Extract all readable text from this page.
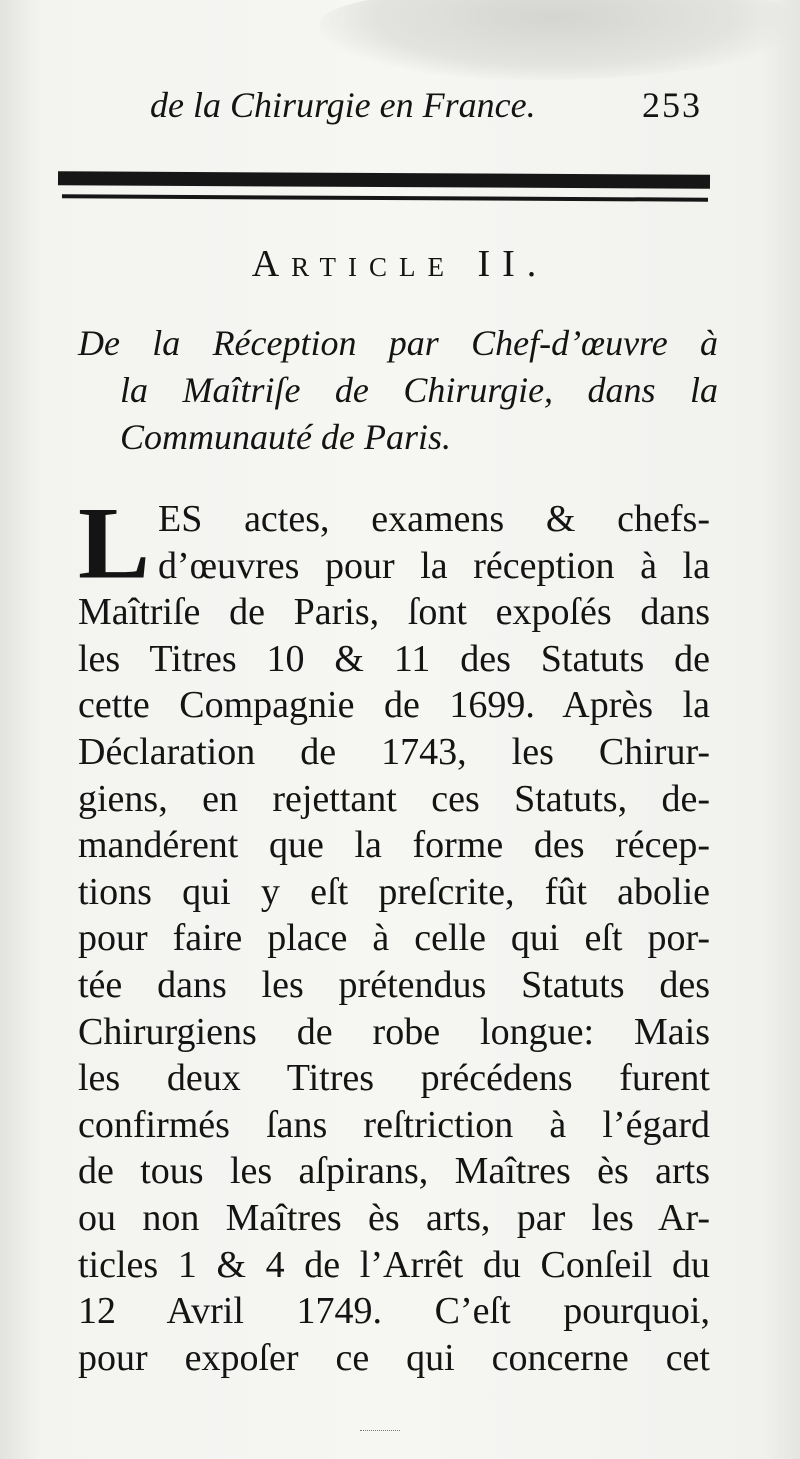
de la Chirurgie en France.	253
Article II.
De la Réception par Chef-d’œuvre à
la Maîtriſe de Chirurgie, dans la
Communauté de Paris.
L ES actes, examens & chefs-
d’œuvres pour la réception à la
Maîtriſe de Paris, ſont expoſés dans
les Titres 10 & 11 des Statuts de
cette Compagnie de 1699. Après la
Déclaration de 1743, les Chirur-
giens, en rejettant ces Statuts, de-
mandérent que la forme des récep-
tions qui y eſt preſcrite, fût abolie
pour faire place à celle qui eſt por-
tée dans les prétendus Statuts des
Chirurgiens de robe longue: Mais
les deux Titres précédens furent
confirmés ſans reſtriction à l’égard
de tous les aſpirans, Maîtres ès arts
ou non Maîtres ès arts, par les Ar-
ticles 1 & 4 de l’Arrêt du Conſeil du
12 Avril 1749. C’eſt pourquoi,
pour expoſer ce qui concerne cet
